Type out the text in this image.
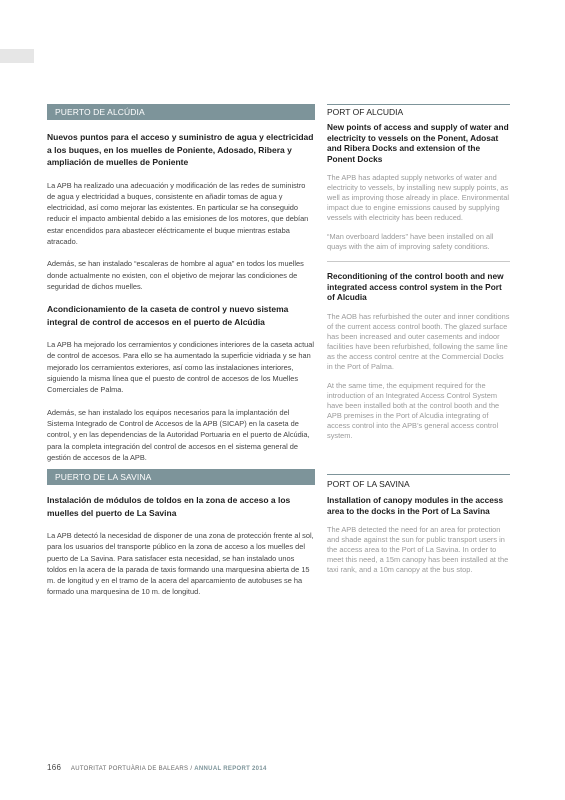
PUERTO DE ALCÚDIA
Nuevos puntos para el acceso y suministro de agua y electricidad a los buques, en los muelles de Poniente, Adosado, Ribera y ampliación de muelles de Poniente

La APB ha realizado una adecuación y modificación de las redes de suministro de agua y electricidad a buques, consistente en añadir tomas de agua y electricidad, así como mejorar las existentes. En particular se ha conseguido reducir el impacto ambiental debido a las emisiones de los motores, que debían estar encendidos para abastecer eléctricamente el buque mientras estaba atracado.

Además, se han instalado “escaleras de hombre al agua” en todos los muelles donde actualmente no existen, con el objetivo de mejorar las condiciones de seguridad de dichos muelles.

Acondicionamiento de la caseta de control y nuevo sistema integral de control de accesos en el puerto de Alcúdia

La APB ha mejorado los cerramientos y condiciones interiores de la caseta actual de control de accesos. Para ello se ha aumentado la superficie vidriada y se han mejorado los cerramientos exteriores, así como las instalaciones interiores, siguiendo la misma línea que el puesto de control de accesos de los Muelles Comerciales de Palma.

Además, se han instalado los equipos necesarios para la implantación del Sistema Integrado de Control de Accesos de la APB (SICAP) en la caseta de control, y en las dependencias de la Autoridad Portuaria en el puerto de Alcúdia, para la completa integración del control de accesos en el sistema general de gestión de accesos de la APB.

PUERTO DE LA SAVINA
Instalación de módulos de toldos en la zona de acceso a los muelles del puerto de La Savina

La APB detectó la necesidad de disponer de una zona de protección frente al sol, para los usuarios del transporte público en la zona de acceso a los muelles del puerto de La Savina. Para satisfacer esta necesidad, se han instalado unos toldos en la acera de la parada de taxis formando una marquesina abierta de 15 m. de longitud y en el tramo de la acera del aparcamiento de autobuses se ha formado una marquesina de 10 m. de longitud.

PORT OF ALCUDIA
New points of access and supply of water and electricity to vessels on the Ponent, Adosat and Ribera Docks and extension of the Ponent Docks

The APB has adapted supply networks of water and electricity to vessels, by installing new supply points, as well as improving those already in place. Environmental impact due to engine emissions caused by supplying vessels with electricity has been reduced.

“Man overboard ladders” have been installed on all quays with the aim of improving safety conditions.

Reconditioning of the control booth and new integrated access control system in the Port of Alcudia

The AOB has refurbished the outer and inner conditions of the current access control booth. The glazed surface has been increased and outer casements and indoor facilities have been refurbished, following the same line as the access control centre at the Commercial Docks in the Port of Palma.

At the same time, the equipment required for the introduction of an Integrated Access Control System have been installed both at the control booth and the APB premises in the Port of Alcudia integrating of access control into the APB’s general access control system.

PORT OF LA SAVINA
Installation of canopy modules in the access area to the docks in the Port of La Savina

The APB detected the need for an area for protection and shade against the sun for public transport users in the access area to the Port of La Savina. In order to meet this need, a 15m canopy has been installed at the taxi rank, and a 10m canopy at the bus stop.

166 AUTORITAT PORTUÀRIA DE BALEARS / ANNUAL REPORT 2014
